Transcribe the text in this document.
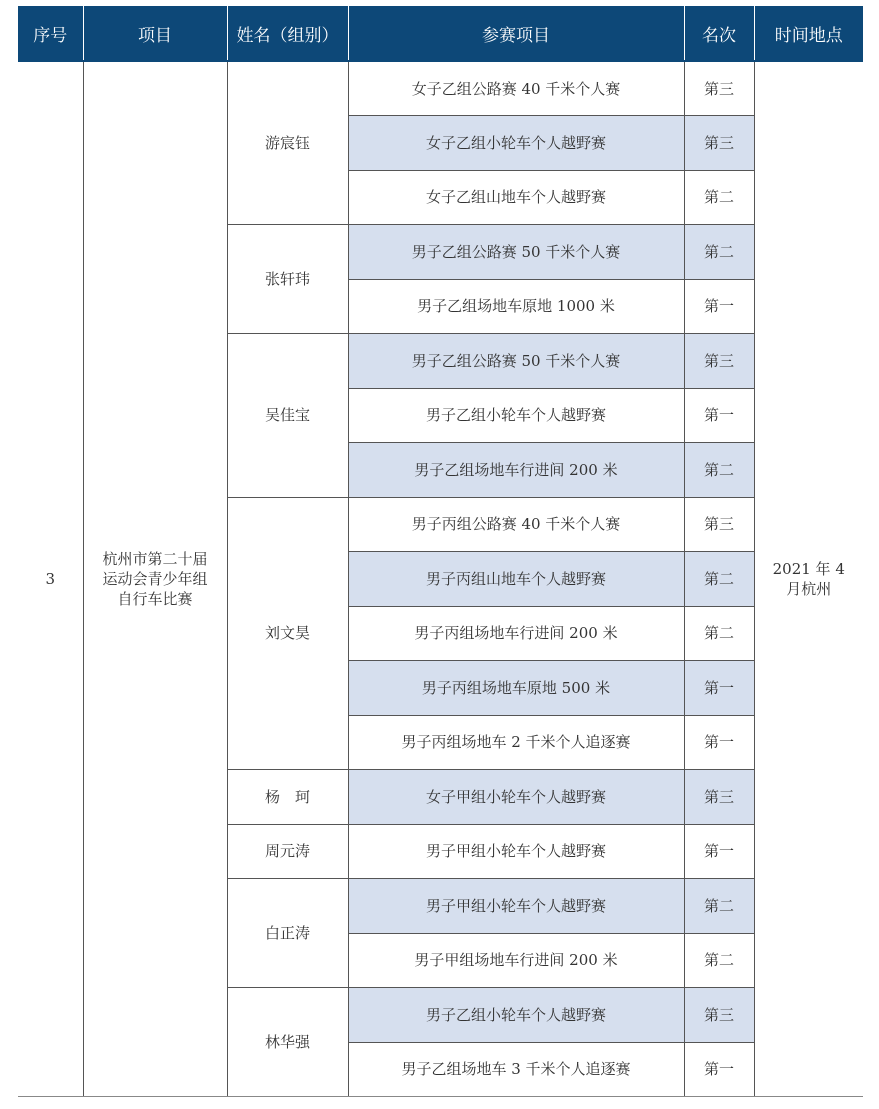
序号	项目	姓名（组别）	参赛项目	名次	时间地点
3	杭州市第二十届运动会青少年组自行车比赛	游宸钰	女子乙组公路赛 40 千米个人赛	第三	2021 年 4 月杭州
			女子乙组小轮车个人越野赛	第三	
			女子乙组山地车个人越野赛	第二	
		张轩玮	男子乙组公路赛 50 千米个人赛	第二	
			男子乙组场地车原地 1000 米	第一	
		吴佳宝	男子乙组公路赛 50 千米个人赛	第三	
			男子乙组小轮车个人越野赛	第一	
			男子乙组场地车行进间 200 米	第二	
		刘文昊	男子丙组公路赛 40 千米个人赛	第三	
			男子丙组山地车个人越野赛	第二	
			男子丙组场地车行进间 200 米	第二	
			男子丙组场地车原地 500 米	第一	
			男子丙组场地车 2 千米个人追逐赛	第一	
		杨　珂	女子甲组小轮车个人越野赛	第三	
		周元涛	男子甲组小轮车个人越野赛	第一	
		白正涛	男子甲组小轮车个人越野赛	第二	
			男子甲组场地车行进间 200 米	第二	
		林华强	男子乙组小轮车个人越野赛	第三	
			男子乙组场地车 3 千米个人追逐赛	第一	
